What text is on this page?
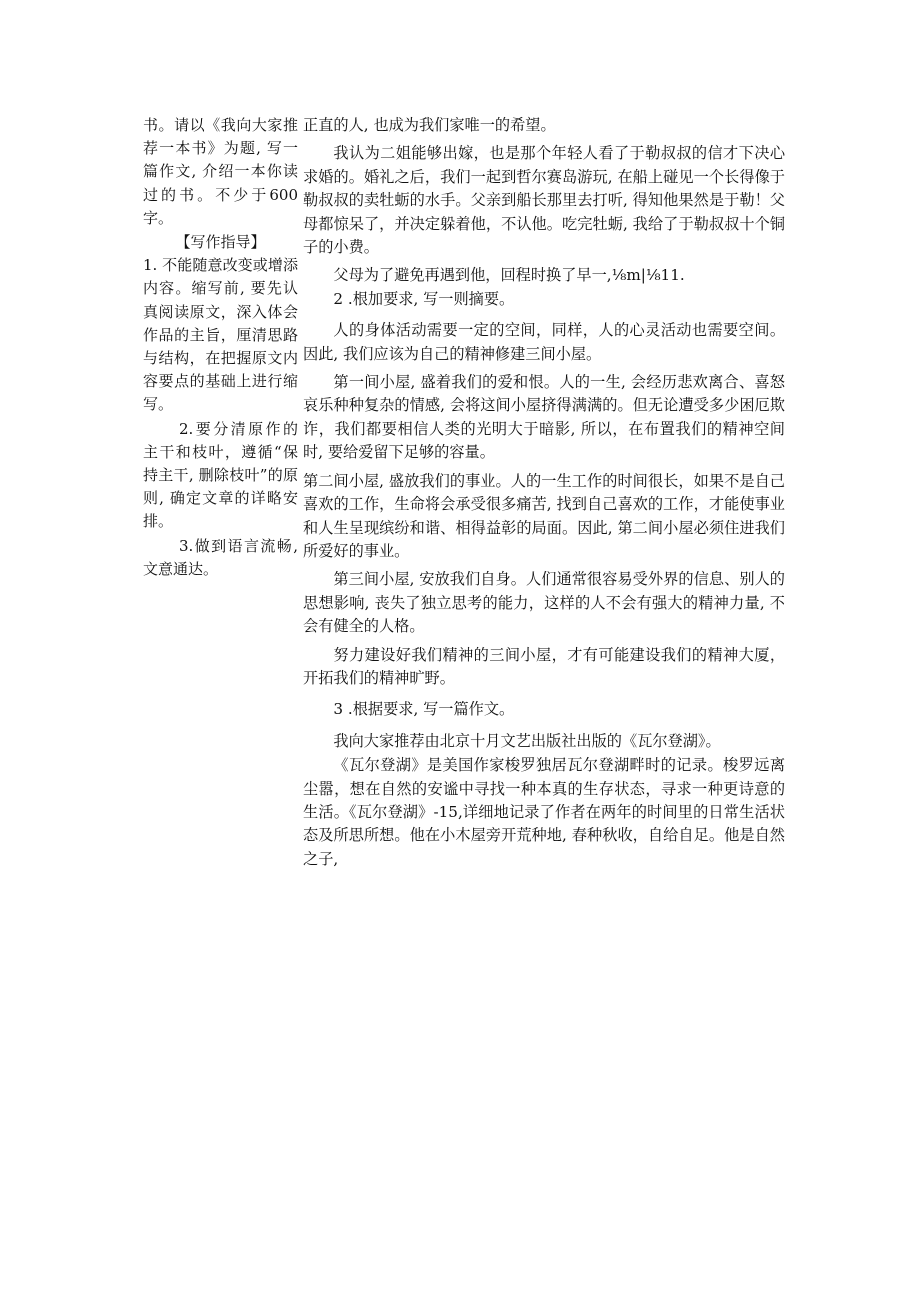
书。请以《我向大家推荐一本书》为题, 写一篇作文, 介绍一本你读过的书。不少于600字。

【写作指导】

1. 不能随意改变或增添内容。缩写前, 要先认真阅读原文，深入体会作品的主旨，厘清思路与结构，在把握原文内容要点的基础上进行缩写。

2.要分清原作的主干和枝叶，遵循“保持主干, 删除枝叶”的原则, 确定文章的详略安排。

3.做到语言流畅, 文意通达。

正直的人, 也成为我们家唯一的希望。

我认为二姐能够出嫁，也是那个年轻人看了于勒叔叔的信才下决心求婚的。婚礼之后，我们一起到哲尔赛岛游玩, 在船上碰见一个长得像于勒叔叔的卖牡蛎的水手。父亲到船长那里去打听, 得知他果然是于勒！父母都惊呆了，并决定躲着他，不认他。吃完牡蛎, 我给了于勒叔叔十个铜子的小费。

父母为了避免再遇到他，回程时换了早一,⅛m|⅛11.

2 .根加要求, 写一则摘要。

人的身体活动需要一定的空间，同样，人的心灵活动也需要空间。因此, 我们应该为自己的精神修建三间小屋。

第一间小屋, 盛着我们的爱和恨。人的一生, 会经历悲欢离合、喜怒哀乐种种复杂的情感, 会将这间小屋挤得满满的。但无论遭受多少困厄欺诈，我们都要相信人类的光明大于暗影, 所以，在布置我们的精神空间时, 要给爱留下足够的容量。

第二间小屋, 盛放我们的事业。人的一生工作的时间很长，如果不是自己喜欢的工作，生命将会承受很多痛苦, 找到自己喜欢的工作，才能使事业和人生呈现缤纷和谐、相得益彰的局面。因此, 第二间小屋必须住进我们所爱好的事业。

第三间小屋, 安放我们自身。人们通常很容易受外界的信息、别人的思想影响, 丧失了独立思考的能力，这样的人不会有强大的精神力量, 不会有健全的人格。

努力建设好我们精神的三间小屋，才有可能建设我们的精神大厦，开拓我们的精神旷野。

3 .根据要求, 写一篇作文。

我向大家推荐由北京十月文艺出版社出版的《瓦尔登湖》。

《瓦尔登湖》是美国作家梭罗独居瓦尔登湖畔时的记录。梭罗远离尘嚣，想在自然的安谧中寻找一种本真的生存状态，寻求一种更诗意的生活。《瓦尔登湖》-15,详细地记录了作者在两年的时间里的日常生活状态及所思所想。他在小木屋旁开荒种地, 春种秋收，自给自足。他是自然之子,
